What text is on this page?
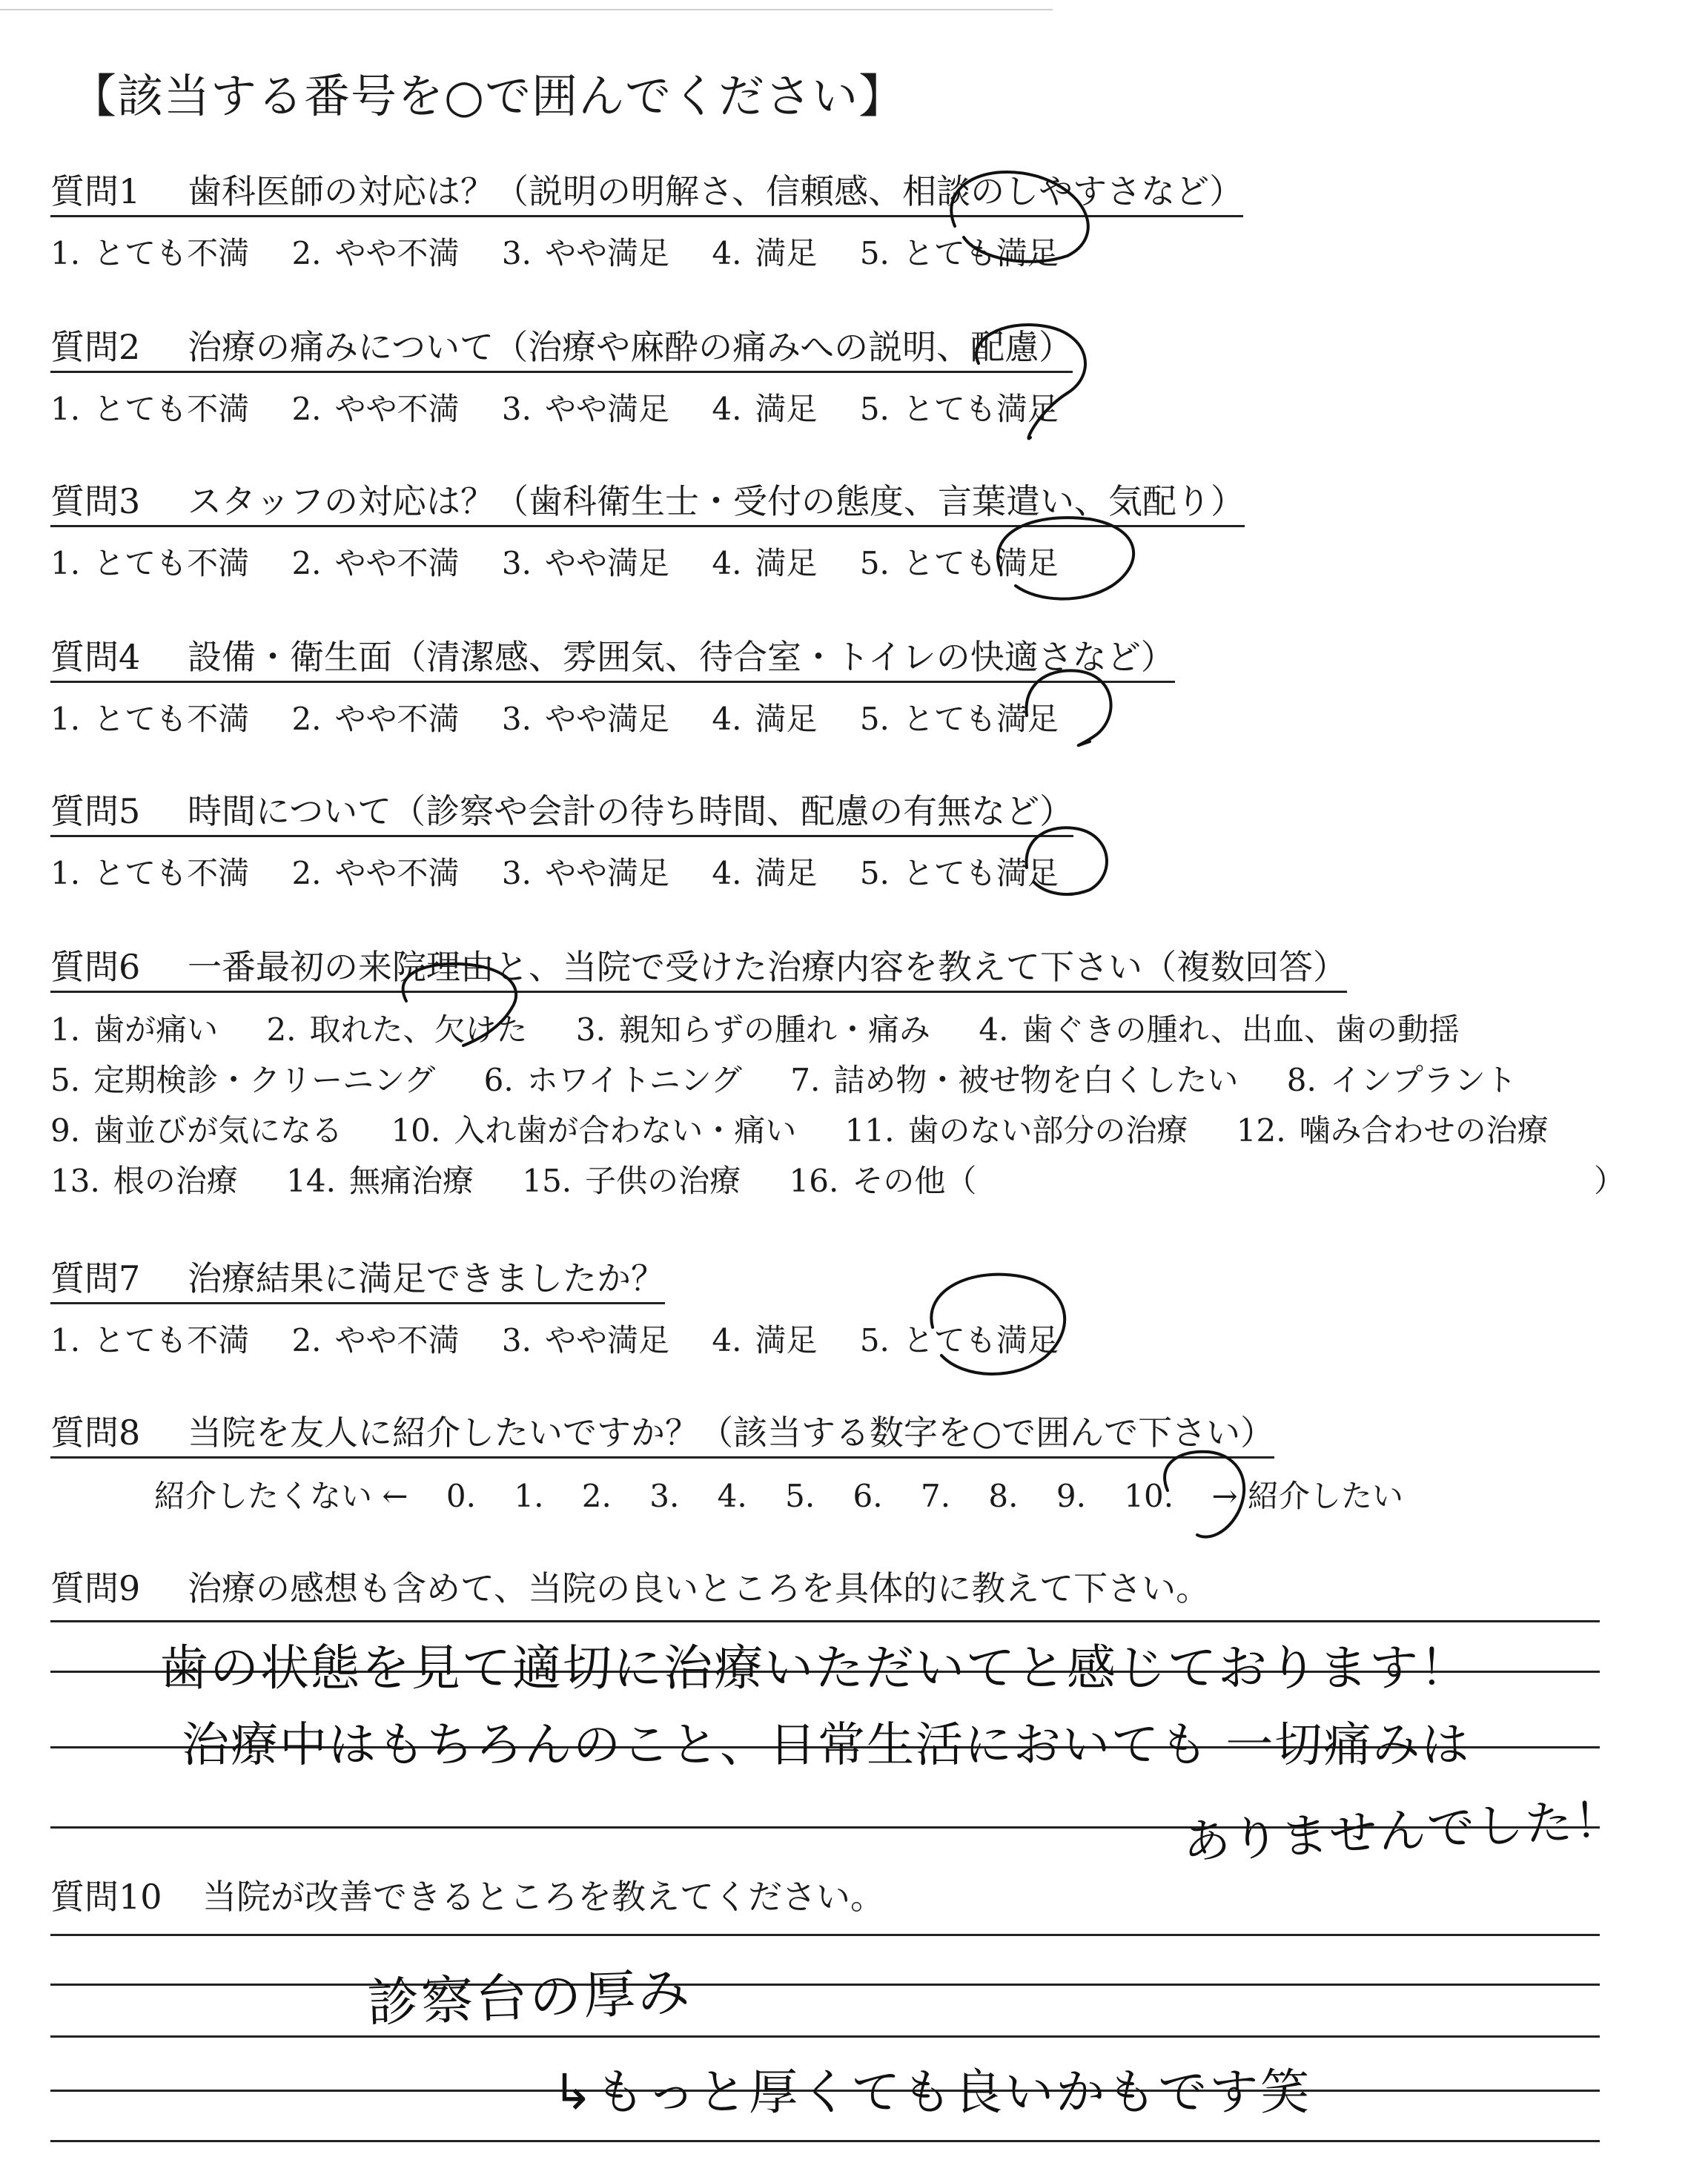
【該当する番号を○で囲んでください】
質問1 歯科医師の対応は？（説明の明解さ、信頼感、相談のしやすさなど）
1. とても不満 2. やや不満 3. やや満足 4. 満足 5. とても満足
質問2 治療の痛みについて（治療や麻酔の痛みへの説明、配慮）
1. とても不満 2. やや不満 3. やや満足 4. 満足 5. とても満足
質問3 スタッフの対応は？（歯科衛生士・受付の態度、言葉遣い、気配り）
1. とても不満 2. やや不満 3. やや満足 4. 満足 5. とても満足
質問4 設備・衛生面（清潔感、雰囲気、待合室・トイレの快適さなど）
1. とても不満 2. やや不満 3. やや満足 4. 満足 5. とても満足
質問5 時間について（診察や会計の待ち時間、配慮の有無など）
1. とても不満 2. やや不満 3. やや満足 4. 満足 5. とても満足
質問6 一番最初の来院理由と、当院で受けた治療内容を教えて下さい（複数回答）
1. 歯が痛い 2. 取れた、欠けた 3. 親知らずの腫れ・痛み 4. 歯ぐきの腫れ、出血、歯の動揺
5. 定期検診・クリーニング 6. ホワイトニング 7. 詰め物・被せ物を白くしたい 8. インプラント
9. 歯並びが気になる 10. 入れ歯が合わない・痛い 11. 歯のない部分の治療 12. 噛み合わせの治療
13. 根の治療 14. 無痛治療 15. 子供の治療 16. その他（	）
質問7 治療結果に満足できましたか？
1. とても不満 2. やや不満 3. やや満足 4. 満足 5. とても満足
質問8 当院を友人に紹介したいですか？（該当する数字を○で囲んで下さい）
紹介したくない ← 0. 1. 2. 3. 4. 5. 6. 7. 8. 9. 10. → 紹介したい
質問9 治療の感想も含めて、当院の良いところを具体的に教えて下さい。
歯の状態を見て適切に治療いただいてと感じております！
治療中はもちろんのこと、日常生活においても 一切痛みは
ありませんでした！
質問10 当院が改善できるところを教えてください。
診察台の厚み
↳もっと厚くても良いかもです笑
